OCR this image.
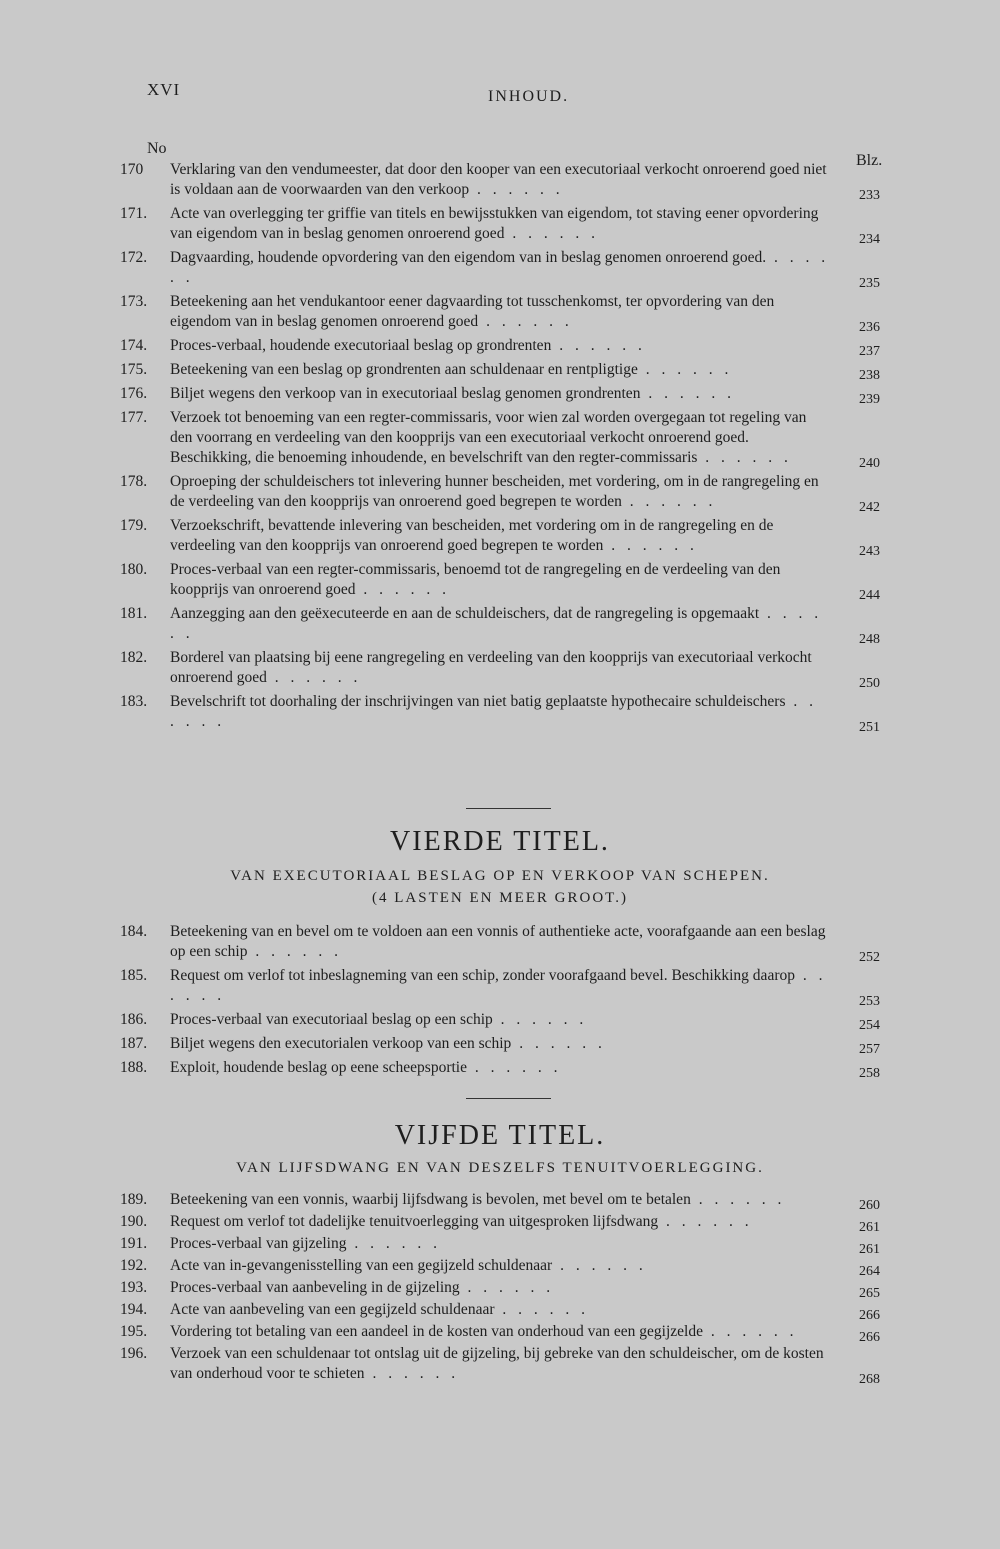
XVI	INHOUD.
No
Blz.
170	Verklaring van den vendumeester, dat door den kooper van een executoriaal verkocht onroerend goed niet is voldaan aan de voorwaarden van den verkoop . . . . . .	233
171.	Acte van overlegging ter griffie van titels en bewijsstukken van eigendom, tot staving eener opvordering van eigendom van in beslag genomen onroerend goed . . . . . .	234
172.	Dagvaarding, houdende opvordering van den eigendom van in beslag genomen onroerend goed. . . . . . .	235
173.	Beteekening aan het vendukantoor eener dagvaarding tot tusschenkomst, ter opvordering van den eigendom van in beslag genomen onroerend goed . . . . . .	236
174.	Proces-verbaal, houdende executoriaal beslag op grondrenten . . . . . .	237
175.	Beteekening van een beslag op grondrenten aan schuldenaar en rentpligtige . . . . . .	238
176.	Biljet wegens den verkoop van in executoriaal beslag genomen grondrenten . . . . . .	239
177.	Verzoek tot benoeming van een regter-commissaris, voor wien zal worden overgegaan tot regeling van den voorrang en verdeeling van den koopprijs van een executoriaal verkocht onroerend goed. Beschikking, die benoeming inhoudende, en bevelschrift van den regter-commissaris . . . . . .	240
178.	Oproeping der schuldeischers tot inlevering hunner bescheiden, met vordering, om in de rangregeling en de verdeeling van den koopprijs van onroerend goed begrepen te worden . . . . . .	242
179.	Verzoekschrift, bevattende inlevering van bescheiden, met vordering om in de rangregeling en de verdeeling van den koopprijs van onroerend goed begrepen te worden . . . . . .	243
180.	Proces-verbaal van een regter-commissaris, benoemd tot de rangregeling en de verdeeling van den koopprijs van onroerend goed . . . . . .	244
181.	Aanzegging aan den geëxecuteerde en aan de schuldeischers, dat de rangregeling is opgemaakt . . . . . .	248
182.	Borderel van plaatsing bij eene rangregeling en verdeeling van den koopprijs van executoriaal verkocht onroerend goed . . . . . .	250
183.	Bevelschrift tot doorhaling der inschrijvingen van niet batig geplaatste hypothecaire schuldeischers . . . . . .	251
VIERDE TITEL.
VAN EXECUTORIAAL BESLAG OP EN VERKOOP VAN SCHEPEN.
(4 LASTEN EN MEER GROOT.)
184.	Beteekening van en bevel om te voldoen aan een vonnis of authentieke acte, voorafgaande aan een beslag op een schip . . . . . .	252
185.	Request om verlof tot inbeslagneming van een schip, zonder voorafgaand bevel. Beschikking daarop . . . . . .	253
186.	Proces-verbaal van executoriaal beslag op een schip . . . . . .	254
187.	Biljet wegens den executorialen verkoop van een schip . . . . . .	257
188.	Exploit, houdende beslag op eene scheepsportie . . . . . .	258
VIJFDE TITEL.
VAN LIJFSDWANG EN VAN DESZELFS TENUITVOERLEGGING.
189.	Beteekening van een vonnis, waarbij lijfsdwang is bevolen, met bevel om te betalen . . . . . .	260
190.	Request om verlof tot dadelijke tenuitvoerlegging van uitgesproken lijfsdwang . . . . . .	261
191.	Proces-verbaal van gijzeling . . . . . .	261
192.	Acte van in-gevangenisstelling van een gegijzeld schuldenaar . . . . . .	264
193.	Proces-verbaal van aanbeveling in de gijzeling . . . . . .	265
194.	Acte van aanbeveling van een gegijzeld schuldenaar . . . . . .	266
195.	Vordering tot betaling van een aandeel in de kosten van onderhoud van een gegijzelde . . . . . .	266
196.	Verzoek van een schuldenaar tot ontslag uit de gijzeling, bij gebreke van den schuldeischer, om de kosten van onderhoud voor te schieten . . . . . .	268
